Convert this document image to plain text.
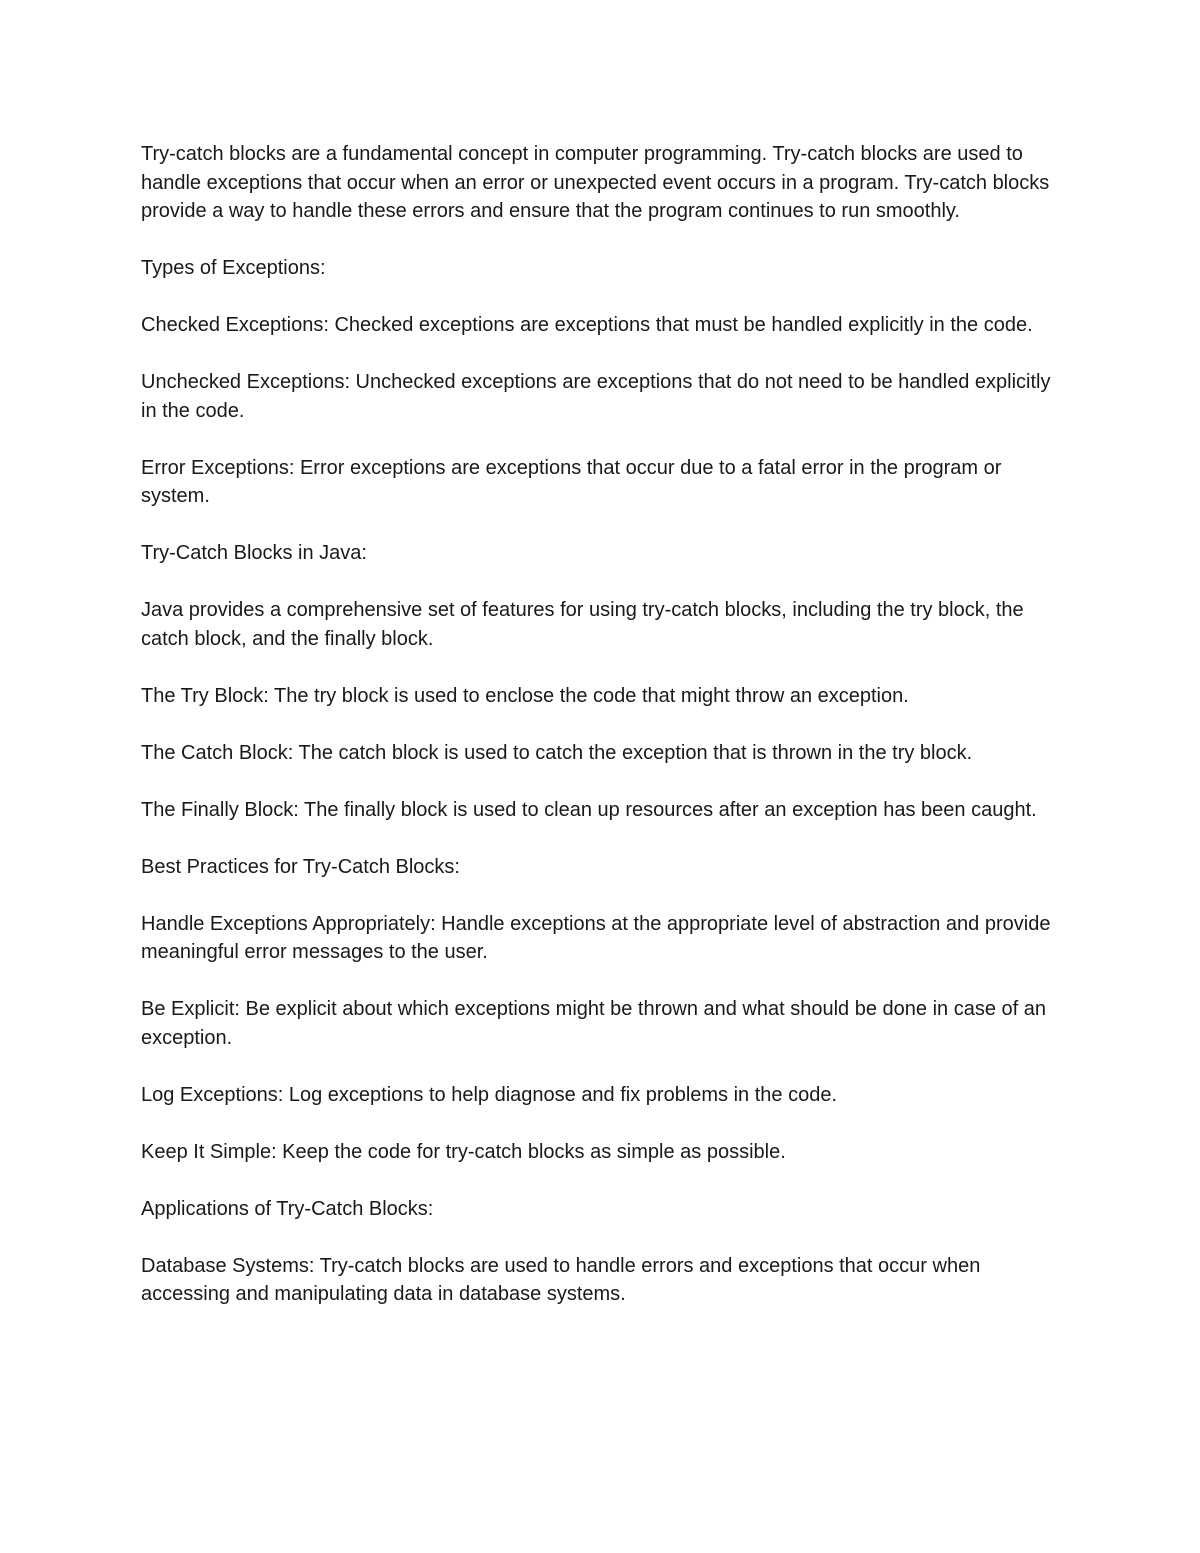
Try-catch blocks are a fundamental concept in computer programming. Try-catch blocks are used to handle exceptions that occur when an error or unexpected event occurs in a program. Try-catch blocks provide a way to handle these errors and ensure that the program continues to run smoothly.

Types of Exceptions:

Checked Exceptions: Checked exceptions are exceptions that must be handled explicitly in the code.

Unchecked Exceptions: Unchecked exceptions are exceptions that do not need to be handled explicitly in the code.

Error Exceptions: Error exceptions are exceptions that occur due to a fatal error in the program or system.

Try-Catch Blocks in Java:

Java provides a comprehensive set of features for using try-catch blocks, including the try block, the catch block, and the finally block.

The Try Block: The try block is used to enclose the code that might throw an exception.

The Catch Block: The catch block is used to catch the exception that is thrown in the try block.

The Finally Block: The finally block is used to clean up resources after an exception has been caught.

Best Practices for Try-Catch Blocks:

Handle Exceptions Appropriately: Handle exceptions at the appropriate level of abstraction and provide meaningful error messages to the user.

Be Explicit: Be explicit about which exceptions might be thrown and what should be done in case of an exception.

Log Exceptions: Log exceptions to help diagnose and fix problems in the code.

Keep It Simple: Keep the code for try-catch blocks as simple as possible.

Applications of Try-Catch Blocks:

Database Systems: Try-catch blocks are used to handle errors and exceptions that occur when accessing and manipulating data in database systems.
